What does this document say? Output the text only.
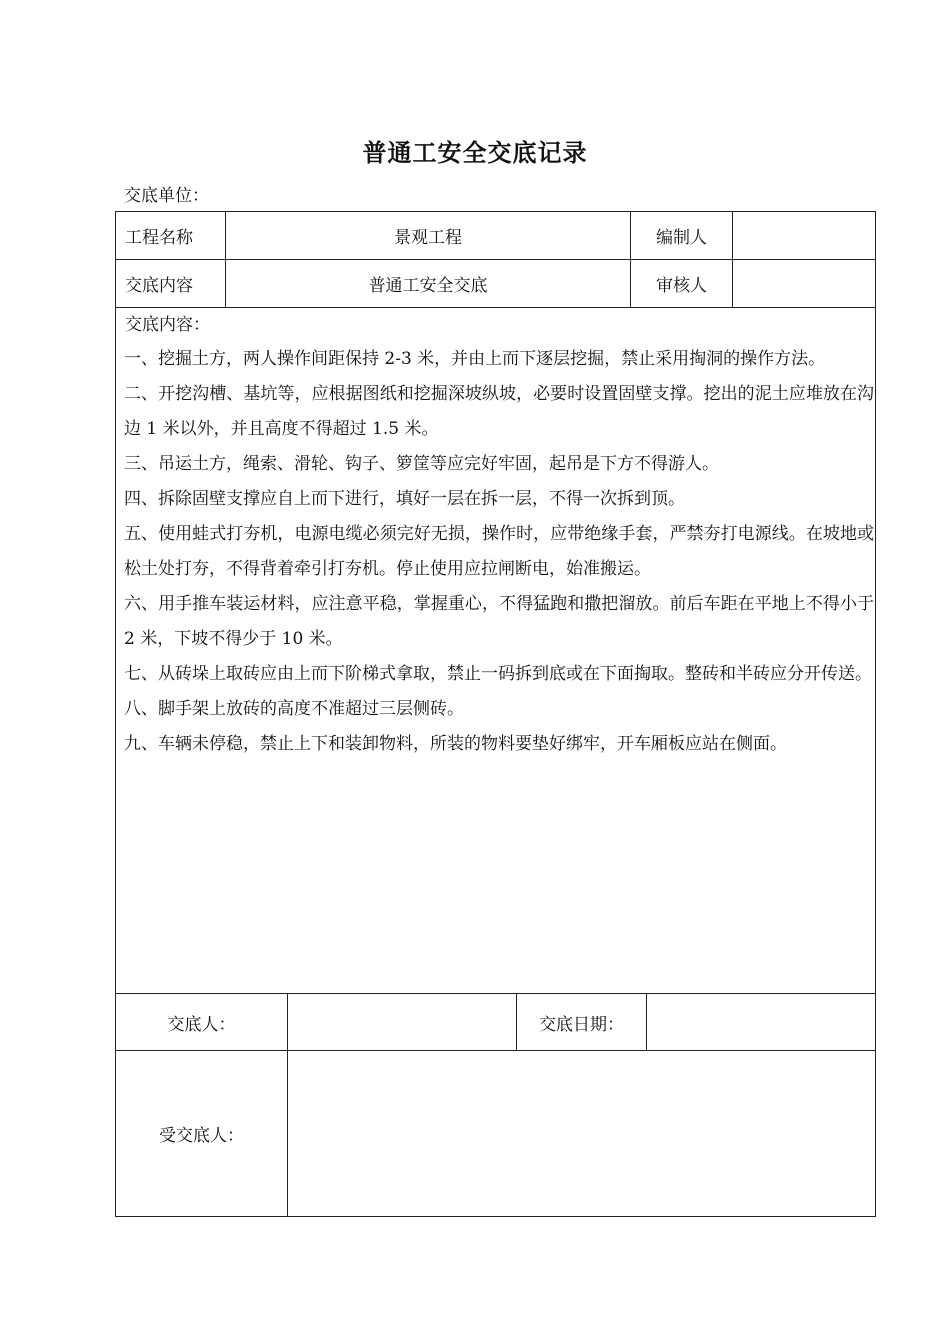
普通工安全交底记录
交底单位：
工程名称	景观工程	编制人	
交底内容	普通工安全交底	审核人	
交底内容：

一、挖掘土方，两人操作间距保持 2-3 米，并由上而下逐层挖掘，禁止采用掏洞的操作方法。

二、开挖沟槽、基坑等，应根据图纸和挖掘深坡纵坡，必要时设置固壁支撑。挖出的泥土应堆放在沟边 1 米以外，并且高度不得超过 1.5 米。

三、吊运土方，绳索、滑轮、钩子、箩筐等应完好牢固，起吊是下方不得游人。

四、拆除固壁支撑应自上而下进行，填好一层在拆一层，不得一次拆到顶。

五、使用蛙式打夯机，电源电缆必须完好无损，操作时，应带绝缘手套，严禁夯打电源线。在坡地或松土处打夯，不得背着牵引打夯机。停止使用应拉闸断电，始准搬运。

六、用手推车装运材料，应注意平稳，掌握重心，不得猛跑和撒把溜放。前后车距在平地上不得小于 2 米，下坡不得少于 10 米。

七、从砖垛上取砖应由上而下阶梯式拿取，禁止一码拆到底或在下面掏取。整砖和半砖应分开传送。

八、脚手架上放砖的高度不准超过三层侧砖。

九、车辆未停稳，禁止上下和装卸物料，所装的物料要垫好绑牢，开车厢板应站在侧面。

交底人：		交底日期：	
受交底人：			
